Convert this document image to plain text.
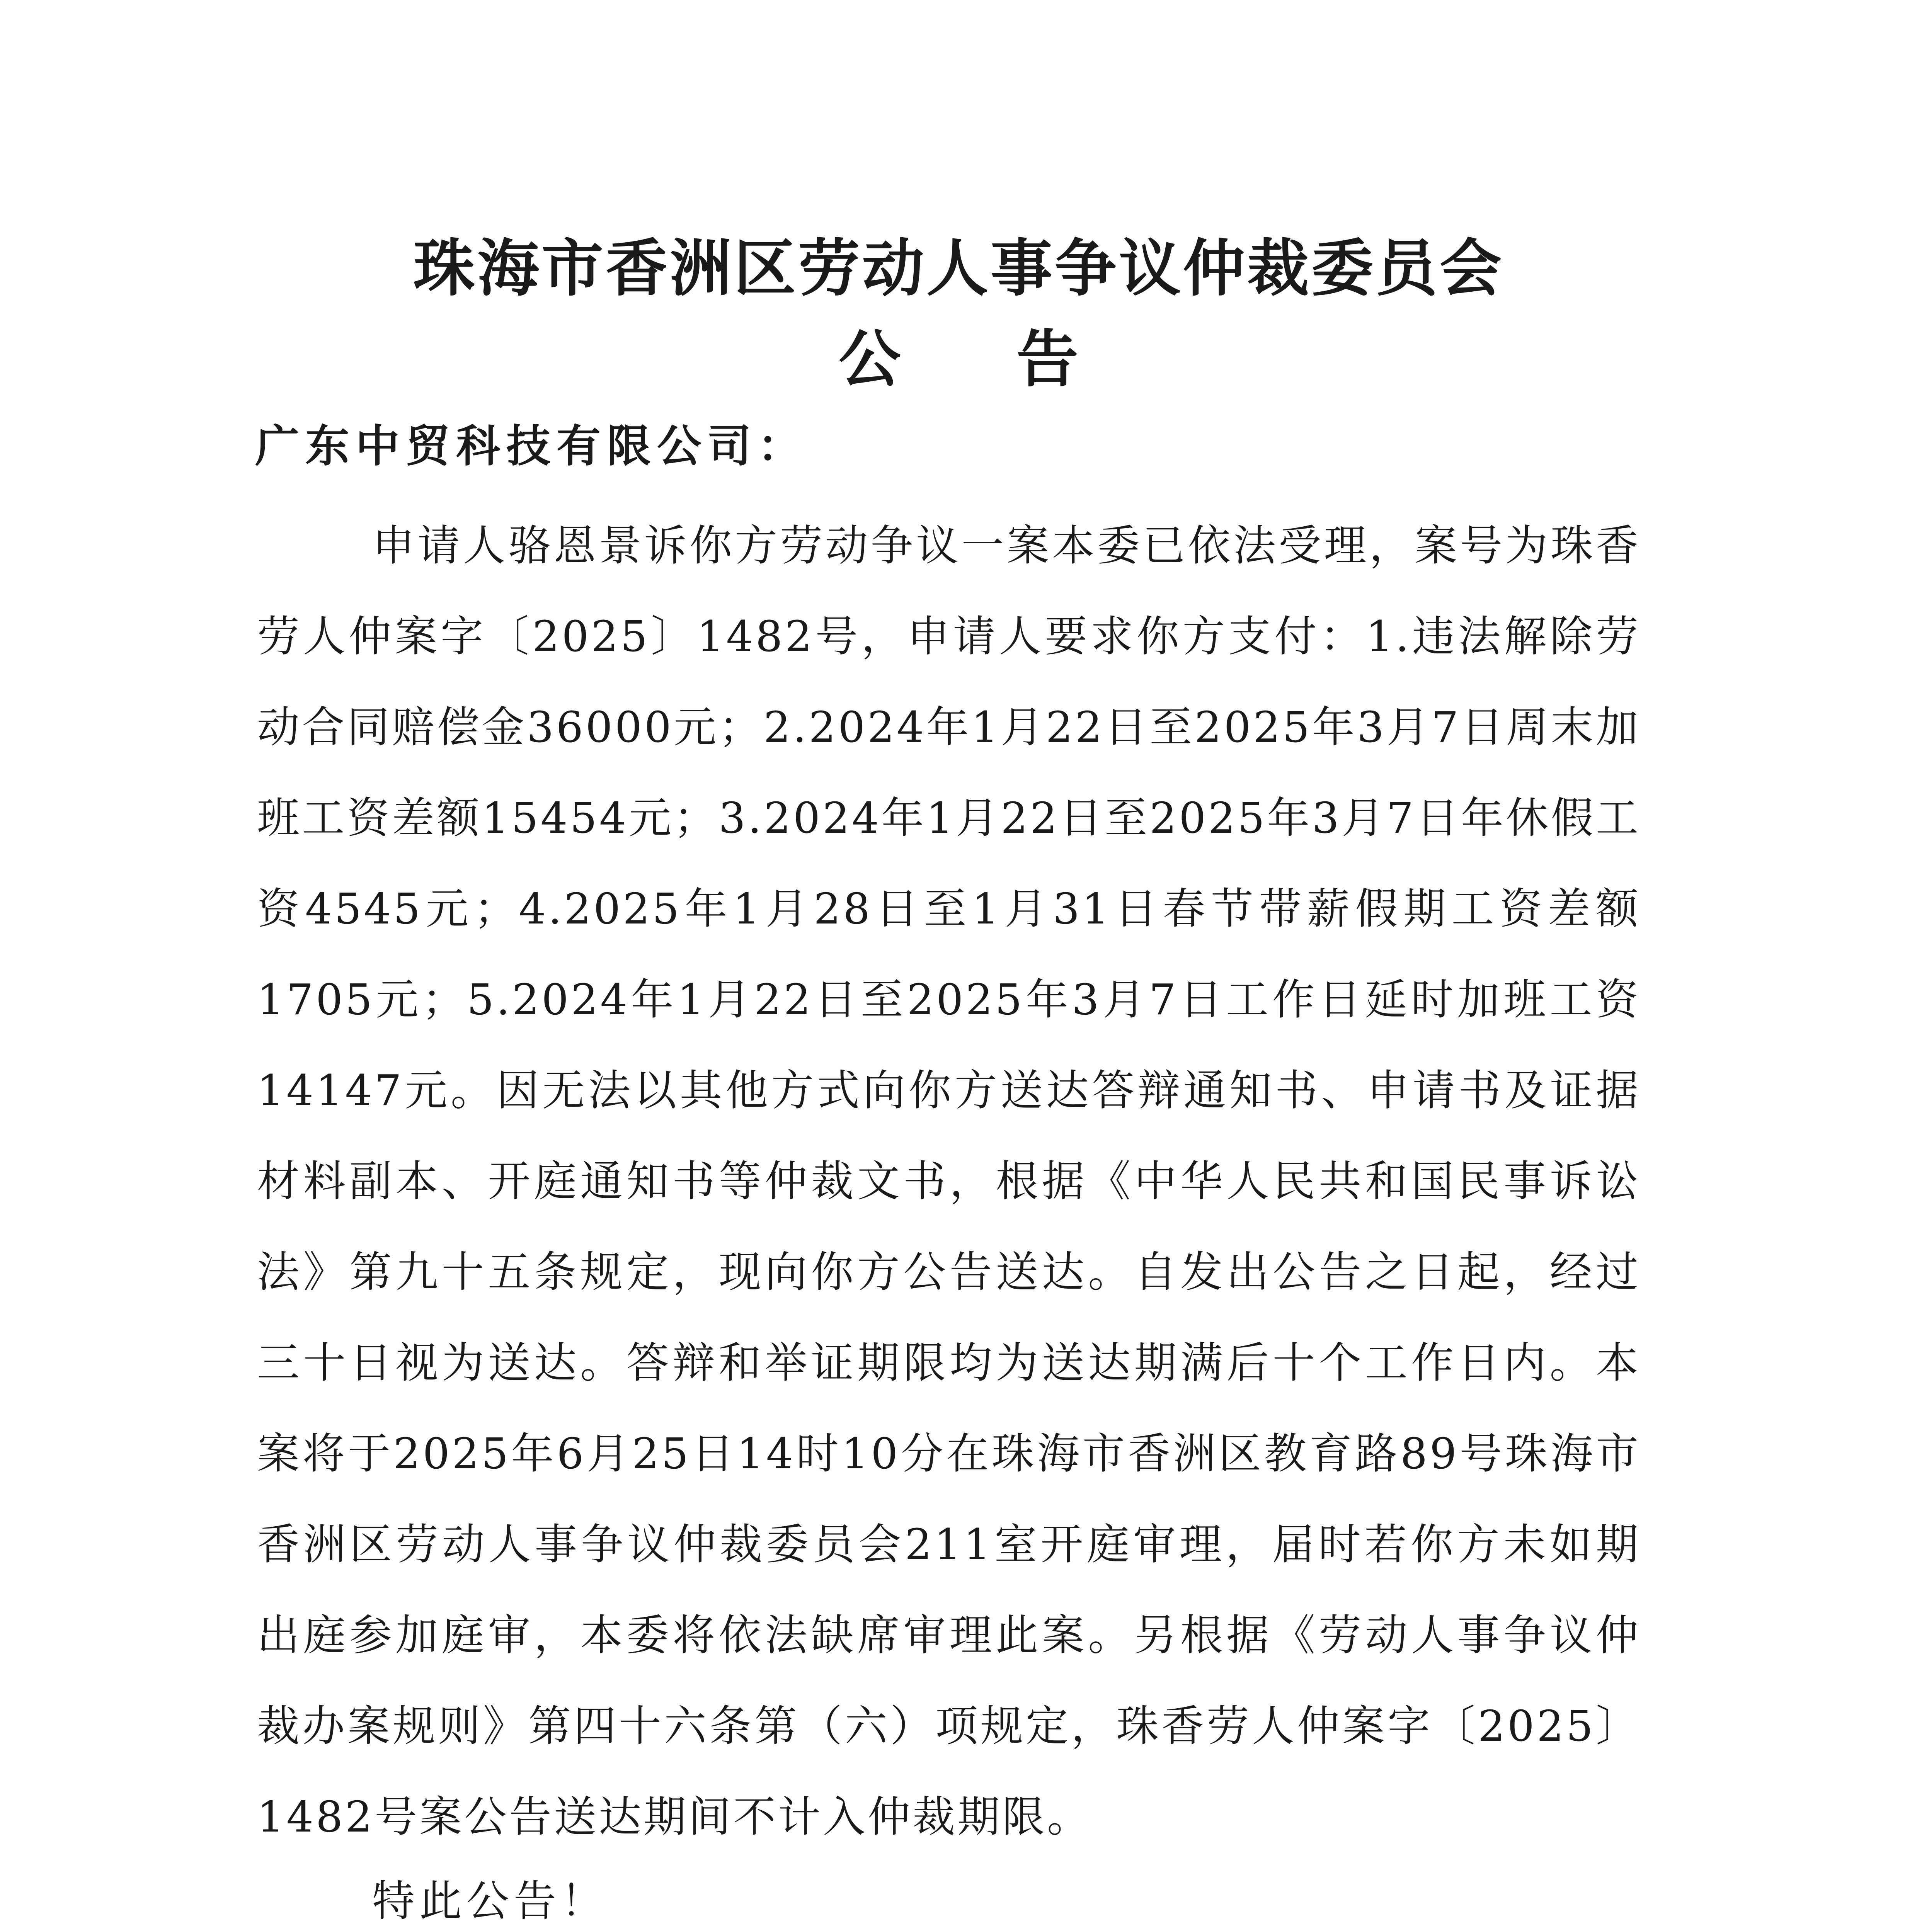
珠海市香洲区劳动人事争议仲裁委员会
公 告
广东中贸科技有限公司：

申请人骆恩景诉你方劳动争议一案本委已依法受理，案号为珠香劳人仲案字〔2025〕1482号，申请人要求你方支付：1.违法解除劳动合同赔偿金36000元；2.2024年1月22日至2025年3月7日周末加班工资差额15454元；3.2024年1月22日至2025年3月7日年休假工资4545元；4.2025年1月28日至1月31日春节带薪假期工资差额1705元；5.2024年1月22日至2025年3月7日工作日延时加班工资14147元。因无法以其他方式向你方送达答辩通知书、申请书及证据材料副本、开庭通知书等仲裁文书，根据《中华人民共和国民事诉讼法》第九十五条规定，现向你方公告送达。自发出公告之日起，经过三十日视为送达。答辩和举证期限均为送达期满后十个工作日内。本案将于2025年6月25日14时10分在珠海市香洲区教育路89号珠海市香洲区劳动人事争议仲裁委员会211室开庭审理，届时若你方未如期出庭参加庭审，本委将依法缺席审理此案。另根据《劳动人事争议仲裁办案规则》第四十六条第（六）项规定，珠香劳人仲案字〔2025〕1482号案公告送达期间不计入仲裁期限。

特此公告！
